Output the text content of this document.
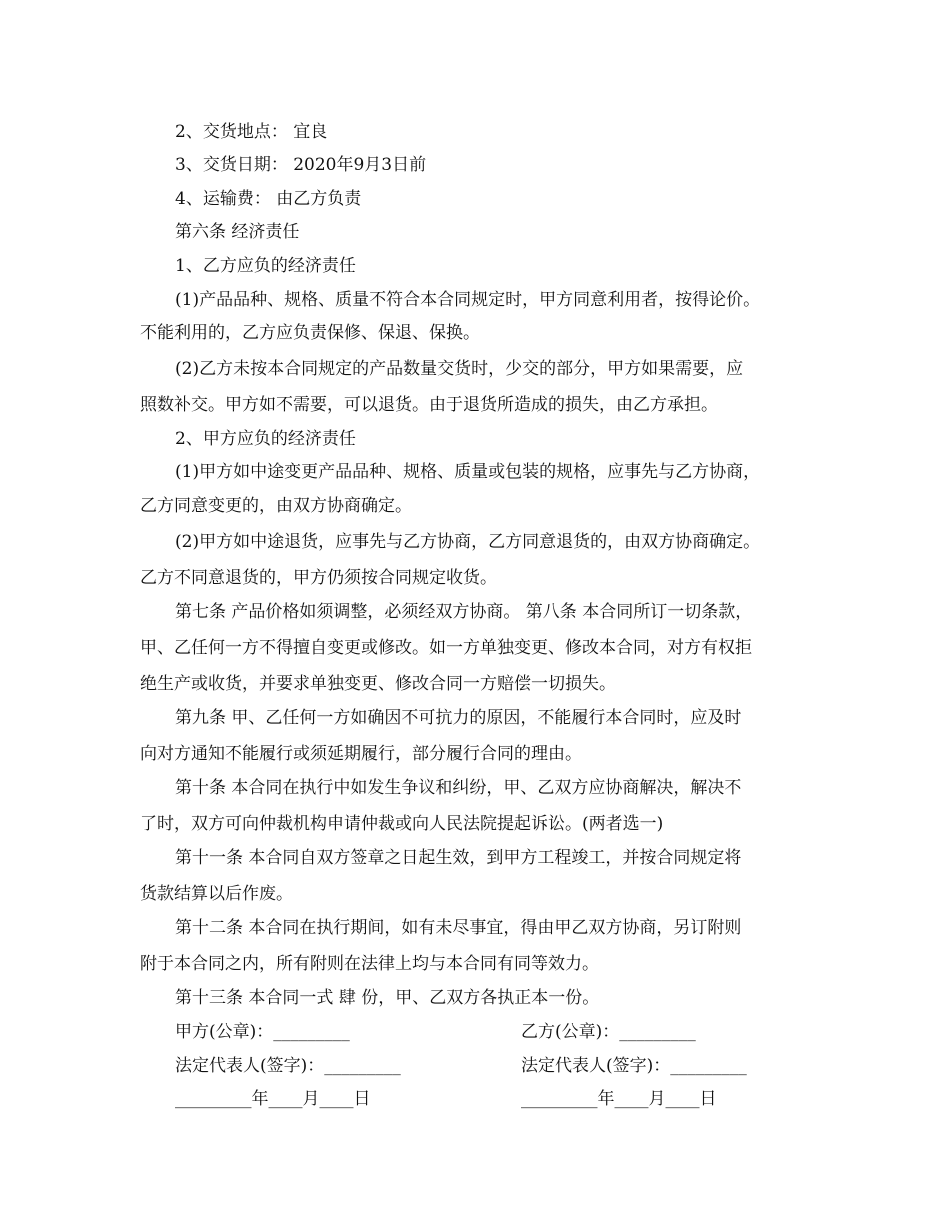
2、交货地点： 宜良
3、交货日期： 2020年9月3日前
4、运输费： 由乙方负责
第六条 经济责任
1、乙方应负的经济责任
(1)产品品种、规格、质量不符合本合同规定时，甲方同意利用者，按得论价。
不能利用的，乙方应负责保修、保退、保换。
(2)乙方未按本合同规定的产品数量交货时，少交的部分，甲方如果需要，应
照数补交。甲方如不需要，可以退货。由于退货所造成的损失，由乙方承担。
2、甲方应负的经济责任
(1)甲方如中途变更产品品种、规格、质量或包装的规格，应事先与乙方协商，
乙方同意变更的，由双方协商确定。
(2)甲方如中途退货，应事先与乙方协商，乙方同意退货的，由双方协商确定。
乙方不同意退货的，甲方仍须按合同规定收货。
第七条 产品价格如须调整，必须经双方协商。 第八条 本合同所订一切条款，
甲、乙任何一方不得擅自变更或修改。如一方单独变更、修改本合同，对方有权拒
绝生产或收货，并要求单独变更、修改合同一方赔偿一切损失。
第九条 甲、乙任何一方如确因不可抗力的原因，不能履行本合同时，应及时
向对方通知不能履行或须延期履行，部分履行合同的理由。
第十条 本合同在执行中如发生争议和纠纷，甲、乙双方应协商解决，解决不
了时，双方可向仲裁机构申请仲裁或向人民法院提起诉讼。(两者选一)
第十一条 本合同自双方签章之日起生效，到甲方工程竣工，并按合同规定将
货款结算以后作废。
第十二条 本合同在执行期间，如有未尽事宜，得由甲乙双方协商，另订附则
附于本合同之内，所有附则在法律上均与本合同有同等效力。
第十三条 本合同一式 肆 份，甲、乙双方各执正本一份。
甲方(公章)：_________	乙方(公章)：_________
法定代表人(签字)：_________	法定代表人(签字)：_________
_________年____月____日	_________年____月____日
